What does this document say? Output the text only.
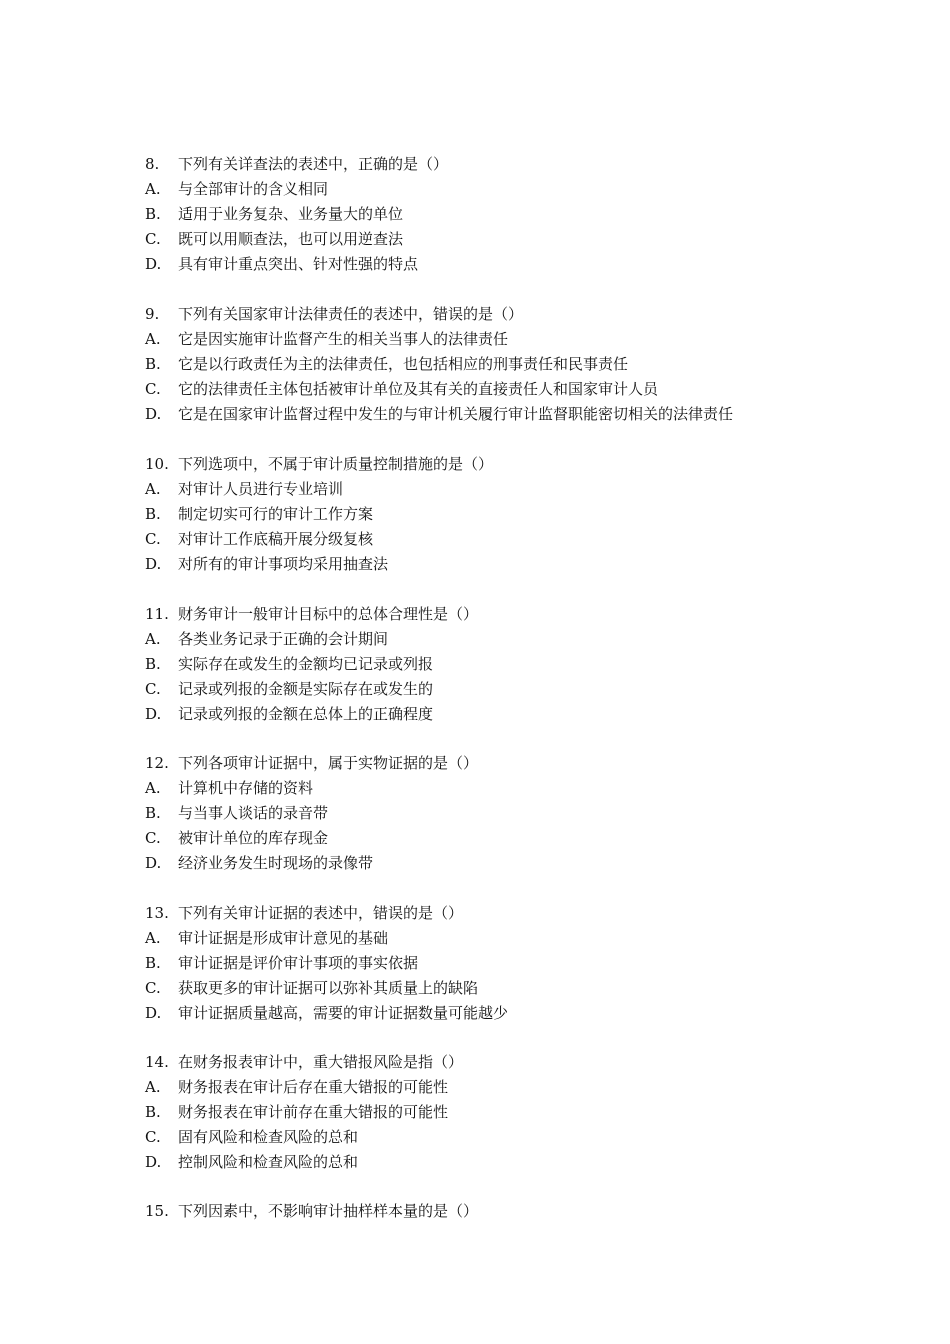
8. 下列有关详查法的表述中，正确的是（）
A. 与全部审计的含义相同
B. 适用于业务复杂、业务量大的单位
C. 既可以用顺查法，也可以用逆查法
D. 具有审计重点突出、针对性强的特点
9. 下列有关国家审计法律责任的表述中，错误的是（）
A. 它是因实施审计监督产生的相关当事人的法律责任
B. 它是以行政责任为主的法律责任，也包括相应的刑事责任和民事责任
C. 它的法律责任主体包括被审计单位及其有关的直接责任人和国家审计人员
D. 它是在国家审计监督过程中发生的与审计机关履行审计监督职能密切相关的法律责任
10. 下列选项中，不属于审计质量控制措施的是（）
A. 对审计人员进行专业培训
B. 制定切实可行的审计工作方案
C. 对审计工作底稿开展分级复核
D. 对所有的审计事项均采用抽查法
11. 财务审计一般审计目标中的总体合理性是（）
A. 各类业务记录于正确的会计期间
B. 实际存在或发生的金额均已记录或列报
C. 记录或列报的金额是实际存在或发生的
D. 记录或列报的金额在总体上的正确程度
12. 下列各项审计证据中，属于实物证据的是（）
A. 计算机中存储的资料
B. 与当事人谈话的录音带
C. 被审计单位的库存现金
D. 经济业务发生时现场的录像带
13. 下列有关审计证据的表述中，错误的是（）
A. 审计证据是形成审计意见的基础
B. 审计证据是评价审计事项的事实依据
C. 获取更多的审计证据可以弥补其质量上的缺陷
D. 审计证据质量越高，需要的审计证据数量可能越少
14. 在财务报表审计中，重大错报风险是指（）
A. 财务报表在审计后存在重大错报的可能性
B. 财务报表在审计前存在重大错报的可能性
C. 固有风险和检查风险的总和
D. 控制风险和检查风险的总和
15. 下列因素中，不影响审计抽样样本量的是（）
